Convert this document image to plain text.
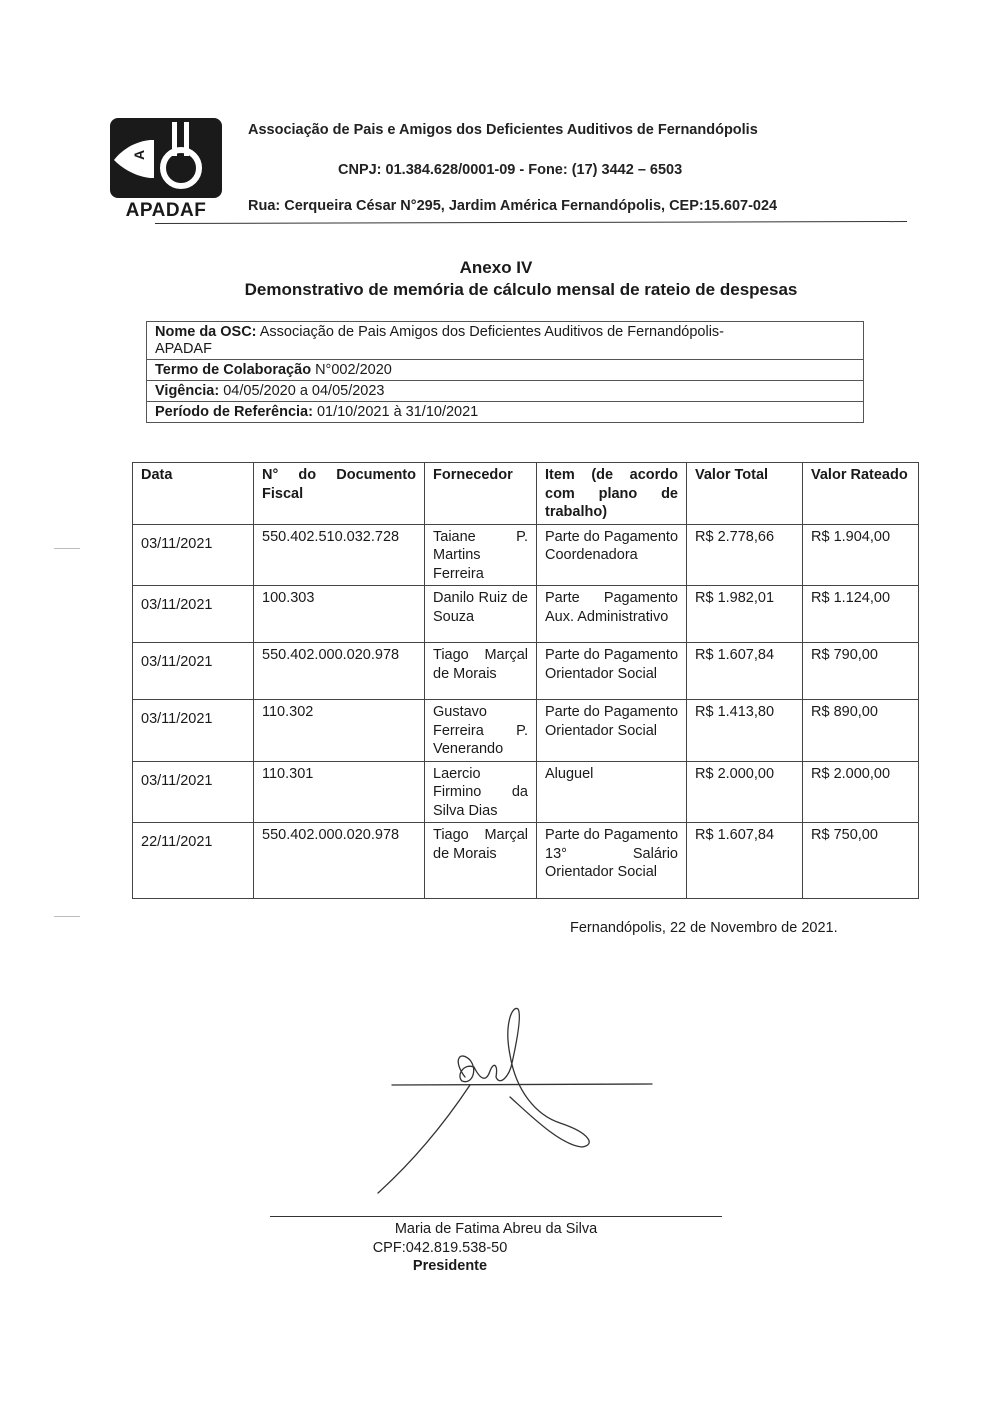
A
APADAF
Associação de Pais e Amigos dos Deficientes Auditivos de Fernandópolis
CNPJ: 01.384.628/0001-09 - Fone: (17) 3442 – 6503
Rua: Cerqueira César N°295, Jardim América Fernandópolis, CEP:15.607-024
Anexo IV
Demonstrativo de memória de cálculo mensal de rateio de despesas
Nome da OSC: Associação de Pais Amigos dos Deficientes Auditivos de Fernandópolis-
APADAF
Termo de Colaboração N°002/2020
Vigência: 04/05/2020 a 04/05/2023
Período de Referência: 01/10/2021 à 31/10/2021
Data	N° do Documento Fiscal	Fornecedor	Item (de acordo com plano de trabalho)	Valor Total	Valor Rateado
03/11/2021	550.402.510.032.728	Taiane P. Martins Ferreira	Parte do Pagamento Coordenadora	R$ 2.778,66	R$ 1.904,00
03/11/2021	100.303	Danilo Ruiz de Souza	Parte Pagamento Aux. Administrativo	R$ 1.982,01	R$ 1.124,00
03/11/2021	550.402.000.020.978	Tiago Marçal de Morais	Parte do Pagamento Orientador Social	R$ 1.607,84	R$ 790,00
03/11/2021	110.302	Gustavo Ferreira P. Venerando	Parte do Pagamento Orientador Social	R$ 1.413,80	R$ 890,00
03/11/2021	110.301	Laercio Firmino da Silva Dias	Aluguel	R$ 2.000,00	R$ 2.000,00
22/11/2021	550.402.000.020.978	Tiago Marçal de Morais	Parte do Pagamento 13° Salário Orientador Social	R$ 1.607,84	R$ 750,00
Fernandópolis, 22 de Novembro de 2021.
Maria de Fatima Abreu da Silva
CPF:042.819.538-50
Presidente
